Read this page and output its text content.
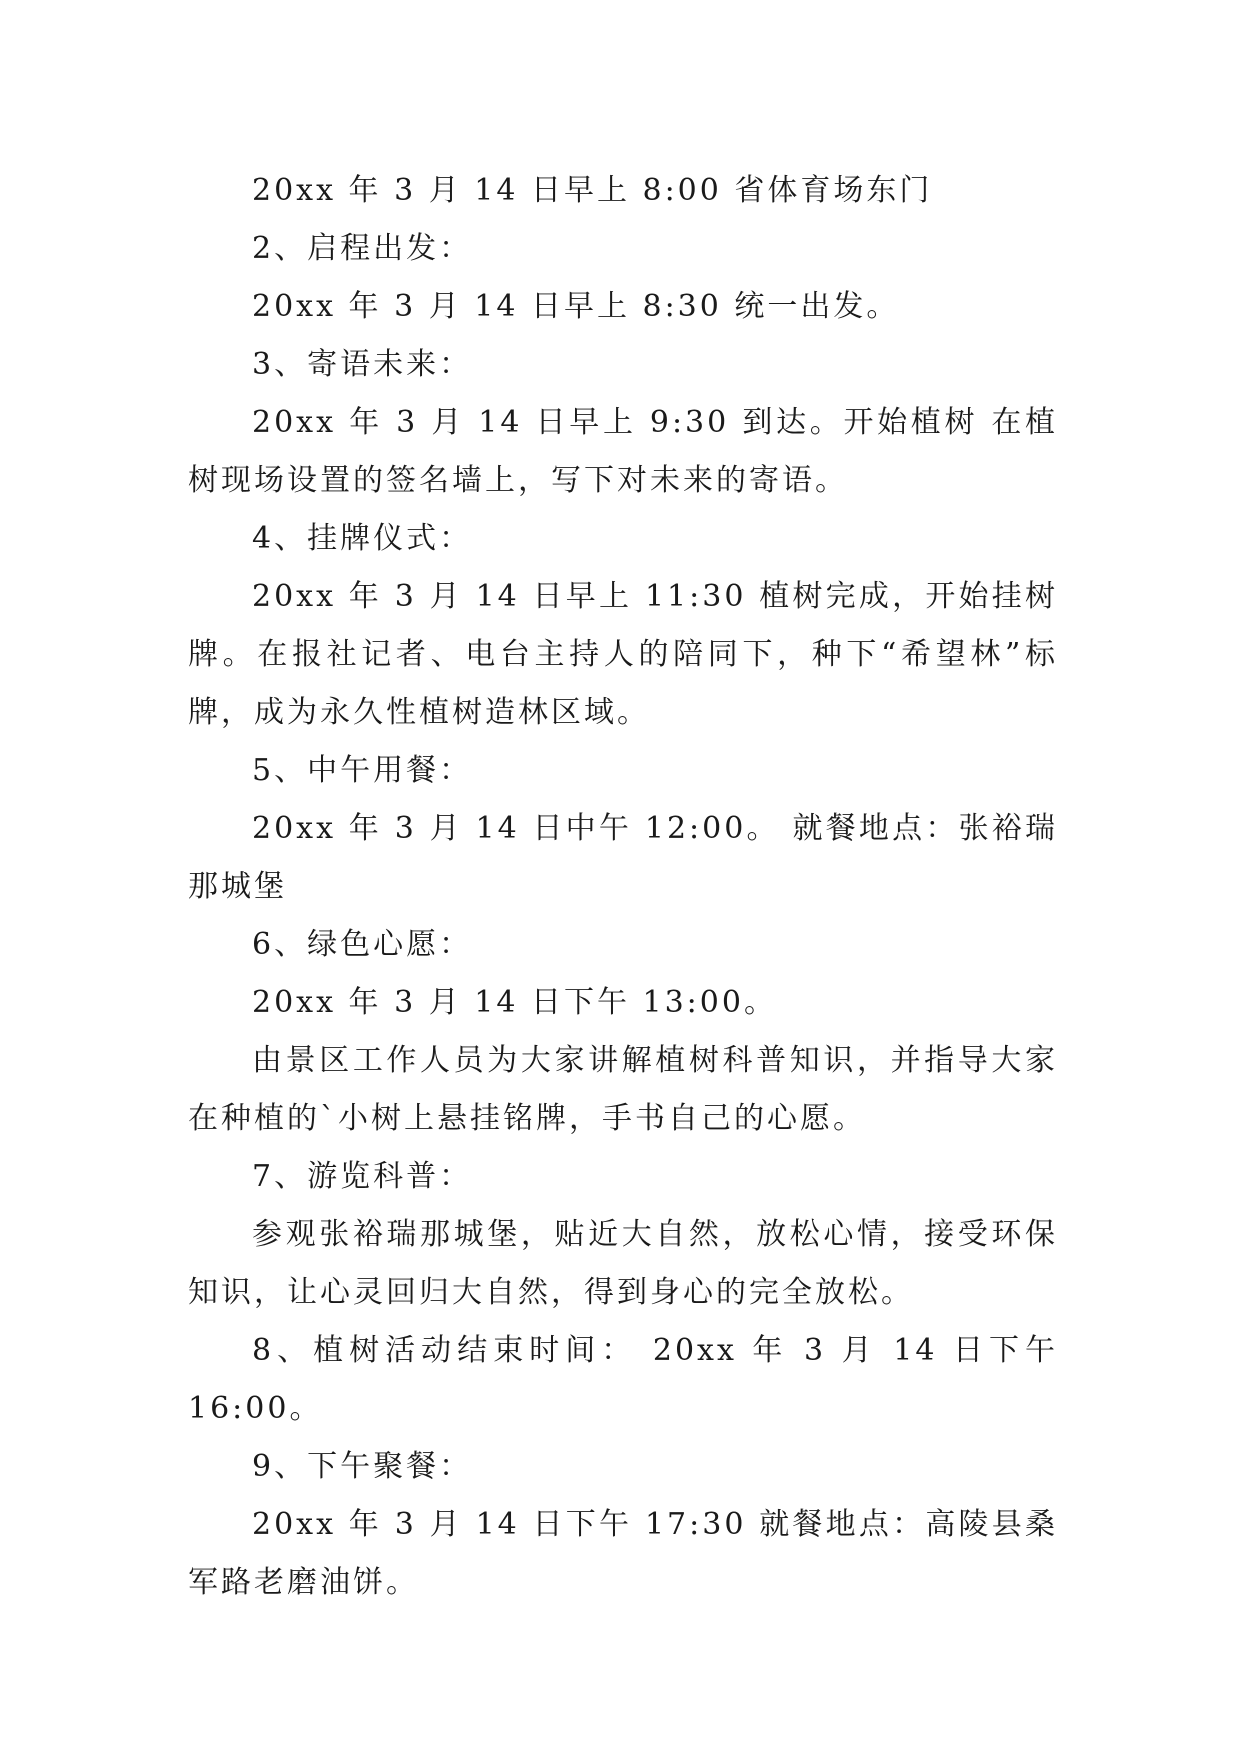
20xx 年 3 月 14 日早上 8:00 省体育场东门

2、启程出发：

20xx 年 3 月 14 日早上 8:30 统一出发。

3、寄语未来：

20xx 年 3 月 14 日早上 9:30 到达。开始植树 在植树现场设置的签名墙上，写下对未来的寄语。

4、挂牌仪式：

20xx 年 3 月 14 日早上 11:30 植树完成，开始挂树牌。在报社记者、电台主持人的陪同下，种下“希望林”标牌，成为永久性植树造林区域。

5、中午用餐：

20xx 年 3 月 14 日中午 12:00。 就餐地点：张裕瑞那城堡

6、绿色心愿：

20xx 年 3 月 14 日下午 13:00。

由景区工作人员为大家讲解植树科普知识，并指导大家在种植的`小树上悬挂铭牌，手书自己的心愿。

7、游览科普：

参观张裕瑞那城堡，贴近大自然，放松心情，接受环保知识，让心灵回归大自然，得到身心的完全放松。

8、植树活动结束时间： 20xx 年 3 月 14 日下午 16:00。

9、下午聚餐：

20xx 年 3 月 14 日下午 17:30 就餐地点：高陵县桑军路老磨油饼。
